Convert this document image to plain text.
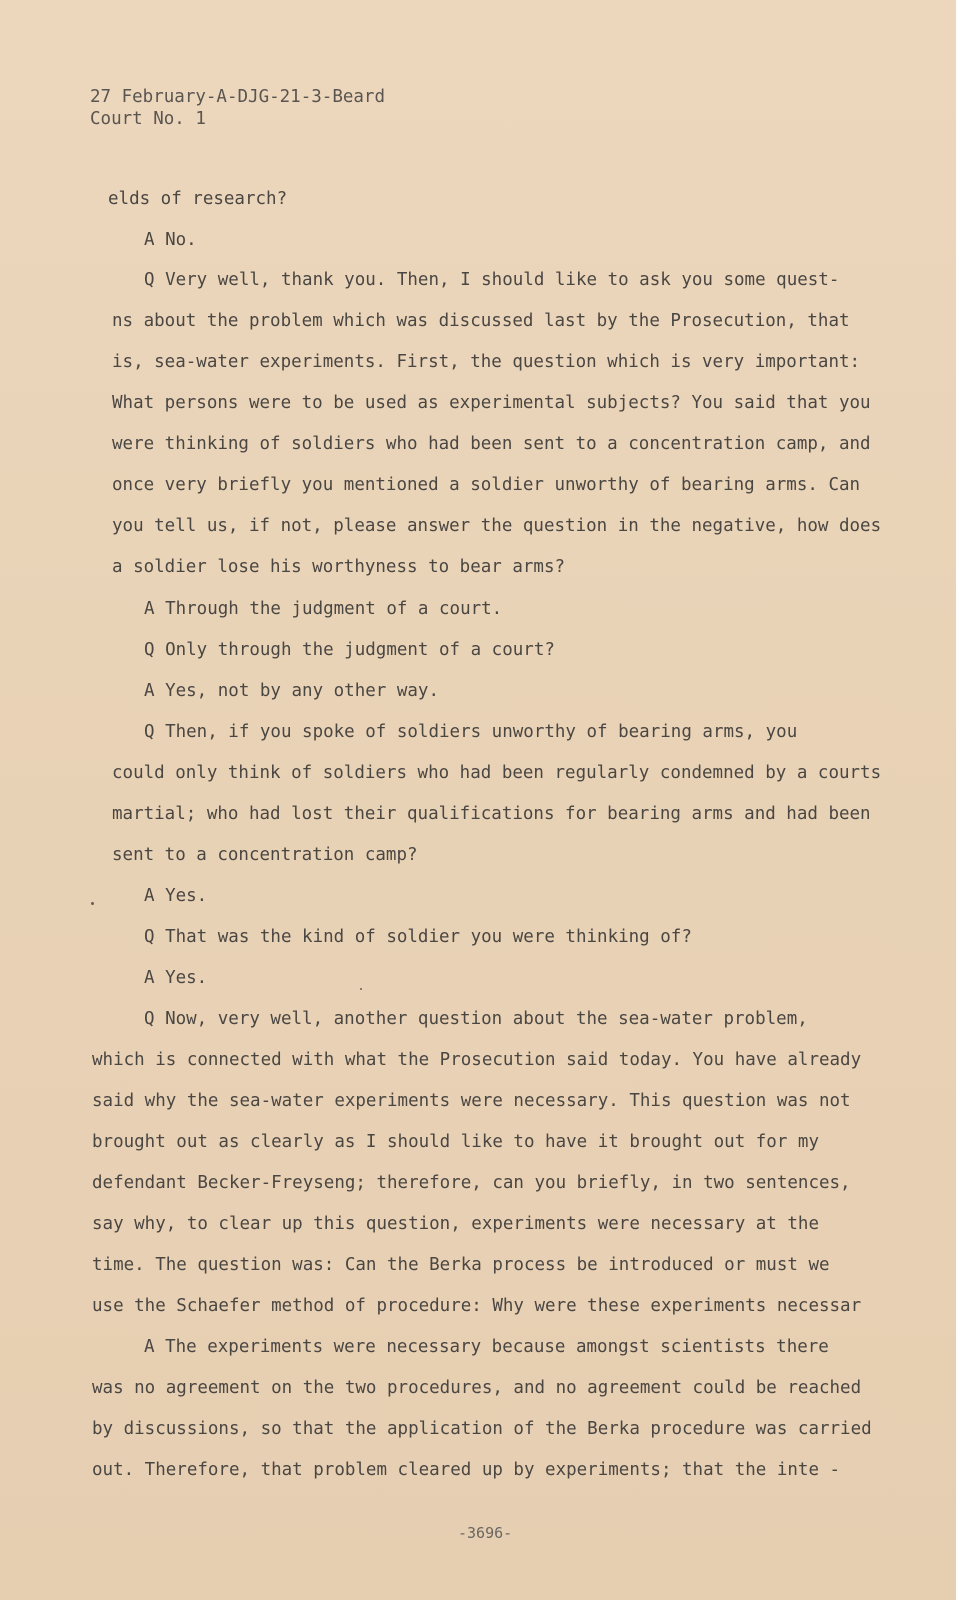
27 February-A-DJG-21-3-Beard
Court No. 1
elds of research?
A No.
Q Very well, thank you. Then, I should like to ask you some quest-
ns about the problem which was discussed last by the Prosecution, that
is, sea-water experiments. First, the question which is very important:
What persons were to be used as experimental subjects? You said that you
were thinking of soldiers who had been sent to a concentration camp, and
once very briefly you mentioned a soldier unworthy of bearing arms. Can
you tell us, if not, please answer the question in the negative, how does
a soldier lose his worthyness to bear arms?
A Through the judgment of a court.
Q Only through the judgment of a court?
A Yes, not by any other way.
Q Then, if you spoke of soldiers unworthy of bearing arms, you
could only think of soldiers who had been regularly condemned by a courts
martial; who had lost their qualifications for bearing arms and had been
sent to a concentration camp?
A Yes.
Q That was the kind of soldier you were thinking of?
A Yes.
Q Now, very well, another question about the sea-water problem,
which is connected with what the Prosecution said today. You have already
said why the sea-water experiments were necessary. This question was not
brought out as clearly as I should like to have it brought out for my
defendant Becker-Freyseng; therefore, can you briefly, in two sentences,
say why, to clear up this question, experiments were necessary at the
time. The question was: Can the Berka process be introduced or must we
use the Schaefer method of procedure: Why were these experiments necessar
A The experiments were necessary because amongst scientists there
was no agreement on the two procedures, and no agreement could be reached
by discussions, so that the application of the Berka procedure was carried
out. Therefore, that problem cleared up by experiments; that the inte -
-3696-
